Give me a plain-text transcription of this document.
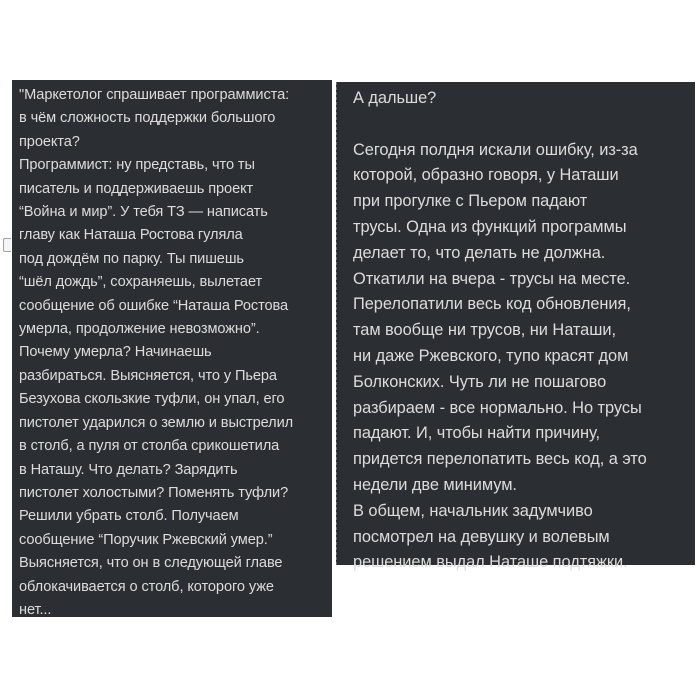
"Маркетолог спрашивает программиста:
в чём сложность поддержки большого
проекта?
Программист: ну представь, что ты
писатель и поддерживаешь проект
“Война и мир”. У тебя ТЗ — написать
главу как Наташа Ростова гуляла
под дождём по парку. Ты пишешь
“шёл дождь”, сохраняешь, вылетает
сообщение об ошибке “Наташа Ростова
умерла, продолжение невозможно”.
Почему умерла? Начинаешь
разбираться. Выясняется, что у Пьера
Безухова скользкие туфли, он упал, его
пистолет ударился о землю и выстрелил
в столб, а пуля от столба срикошетила
в Наташу. Что делать? Зарядить
пистолет холостыми? Поменять туфли?
Решили убрать столб. Получаем
сообщение “Поручик Ржевский умер.”
Выясняется, что он в следующей главе
облокачивается о столб, которого уже
нет...
А дальше?
Сегодня полдня искали ошибку, из-за
которой, образно говоря, у Наташи
при прогулке с Пьером падают
трусы. Одна из функций программы
делает то, что делать не должна.
Откатили на вчера - трусы на месте.
Перелопатили весь код обновления,
там вообще ни трусов, ни Наташи,
ни даже Ржевского, тупо красят дом
Болконских. Чуть ли не пошагово
разбираем - все нормально. Но трусы
падают. И, чтобы найти причину,
придется перелопатить весь код, а это
недели две минимум.
В общем, начальник задумчиво
посмотрел на девушку и волевым
решением выдал Наташе подтяжки.
